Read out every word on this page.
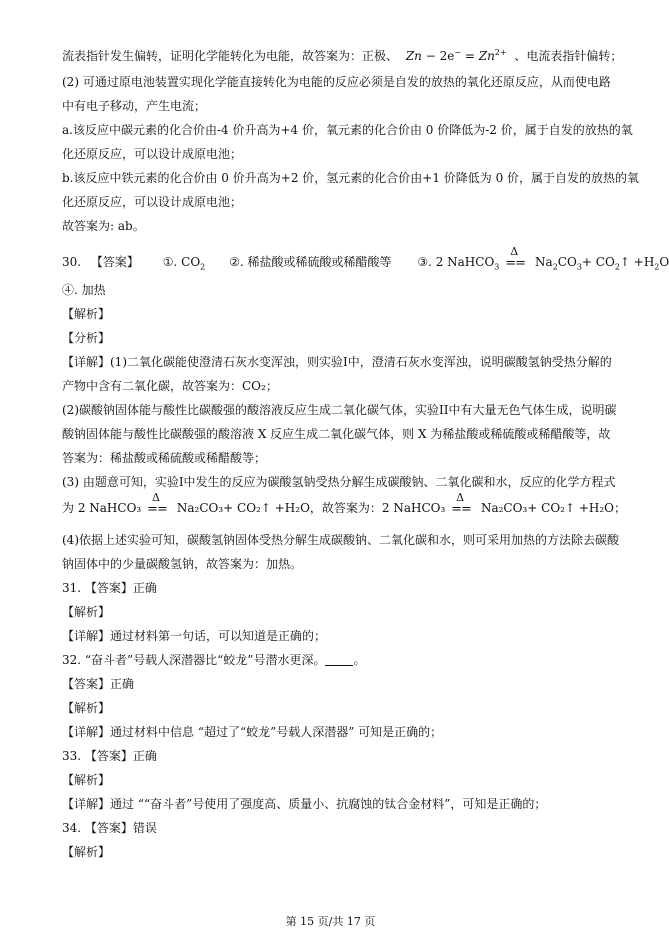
流表指针发生偏转，证明化学能转化为电能，故答案为：正极、 $Zn - 2e^- = Zn^{2+}$ 、电流表指针偏转；
(2) 可通过原电池装置实现化学能直接转化为电能的反应必须是自发的放热的氧化还原反应，从而使电路
中有电子移动，产生电流；
a.该反应中碳元素的化合价由-4 价升高为+4 价，氧元素的化合价由 0 价降低为-2 价，属于自发的放热的氧
化还原反应，可以设计成原电池；
b.该反应中铁元素的化合价由 0 价升高为+2 价，氢元素的化合价由+1 价降低为 0 价，属于自发的放热的氧
化还原反应，可以设计成原电池；
故答案为: ab。
30. 【答案】 ①. $CO_2$ ②. 稀盐酸或稀硫酸或稀醋酸等 ③. 2 NaHCO$_3$
Δ
== $Na_2CO_3+$ $CO_2↑ +H_2O$
④. 加热
【解析】
【分析】
【详解】(1)二氧化碳能使澄清石灰水变浑浊，则实验I中，澄清石灰水变浑浊，说明碳酸氢钠受热分解的
产物中含有二氧化碳，故答案为：CO₂；
(2)碳酸钠固体能与酸性比碳酸强的酸溶液反应生成二氧化碳气体，实验II中有大量无色气体生成，说明碳
酸钠固体能与酸性比碳酸强的酸溶液 X 反应生成二氧化碳气体，则 X 为稀盐酸或稀硫酸或稀醋酸等，故
答案为：稀盐酸或稀硫酸或稀醋酸等；
(3) 由题意可知，实验I中发生的反应为碳酸氢钠受热分解生成碳酸钠、二氧化碳和水，反应的化学方程式
为 2 NaHCO₃
Δ
== Na₂CO₃+ CO₂↑ +H₂O，故答案为：2 NaHCO₃
Δ
== Na₂CO₃+ CO₂↑ +H₂O；
(4)依据上述实验可知，碳酸氢钠固体受热分解生成碳酸钠、二氧化碳和水，则可采用加热的方法除去碳酸
钠固体中的少量碳酸氢钠，故答案为：加热。
31. 【答案】正确
【解析】
【详解】通过材料第一句话，可以知道是正确的；
32. “奋斗者”号载人深潜器比“蛟龙”号潜水更深。 。
【答案】正确
【解析】
【详解】通过材料中信息 “超过了“蛟龙”号载人深潜器” 可知是正确的；
33. 【答案】正确
【解析】
【详解】通过 ““奋斗者”号使用了强度高、质量小、抗腐蚀的钛合金材料”，可知是正确的；
34. 【答案】错误
【解析】
第 15 页/共 17 页
